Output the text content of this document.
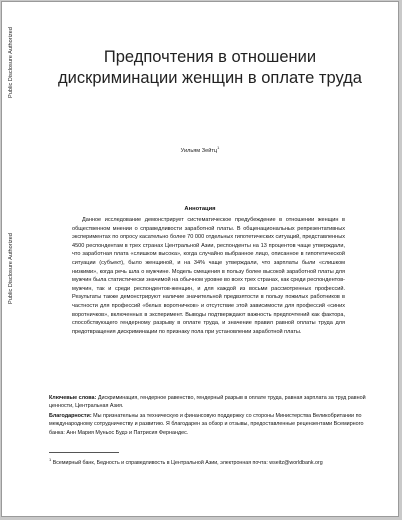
Public Disclosure Authorized
Public Disclosure Authorized
Предпочтения в отношении
дискриминации женщин в оплате труда
Уильям Зейтц$^1$
Аннотация
Данное исследование демонстрирует систематическое предубеждение в отношении женщин в общественном мнении о справедливости заработной платы. В общенациональных репрезентативных экспериментах по опросу касательно более 70 000 отдельных гипотетических ситуаций, представленных 4500 респондентам в трех странах Центральной Азии, респонденты на 13 процентов чаще утверждали, что заработная плата «слишком высока», когда случайно выбранное лицо, описанное в гипотетической ситуации (субъект), было женщиной, и на 34% чаще утверждали, что зарплаты были «слишком низкими», когда речь шла о мужчине. Модель смещения в пользу более высокой заработной платы для мужчин была статистически значимой на обычном уровне во всех трех странах, как среди респондентов-мужчин, так и среди респондентов-женщин, и для каждой из восьми рассмотренных профессий. Результаты также демонстрируют наличие значительной предвзятости в пользу пожилых работников в частности для профессий «белых воротничков» и отсутствие этой зависимости для профессий «синих воротничков», включенных в эксперимент. Выводы подтверждают важность предпочтений как фактора, способствующего гендерному разрыву в оплате труда, и значение правил равной оплаты труда для предотвращения дискриминации по признаку пола при установлении заработной платы.
Ключевые слова: Дискриминация, гендерное равенство, гендерный разрыв в оплате труда, равная зарплата за труд равной ценности, Центральная Азия.
Благодарности: Мы признательны за техническую и финансовую поддержку со стороны Министерства Великобритании по международному сотрудничеству и развитию. Я благодарен за обзор и отзывы, предоставленные рецензентами Всемирного банка: Анн Мария Муньос Будэ и Патрисия Фернандес.
$^1$ Всемирный банк, Бедность и справедливость в Центральной Азии, электронная почта: wseitz@worldbank.org
